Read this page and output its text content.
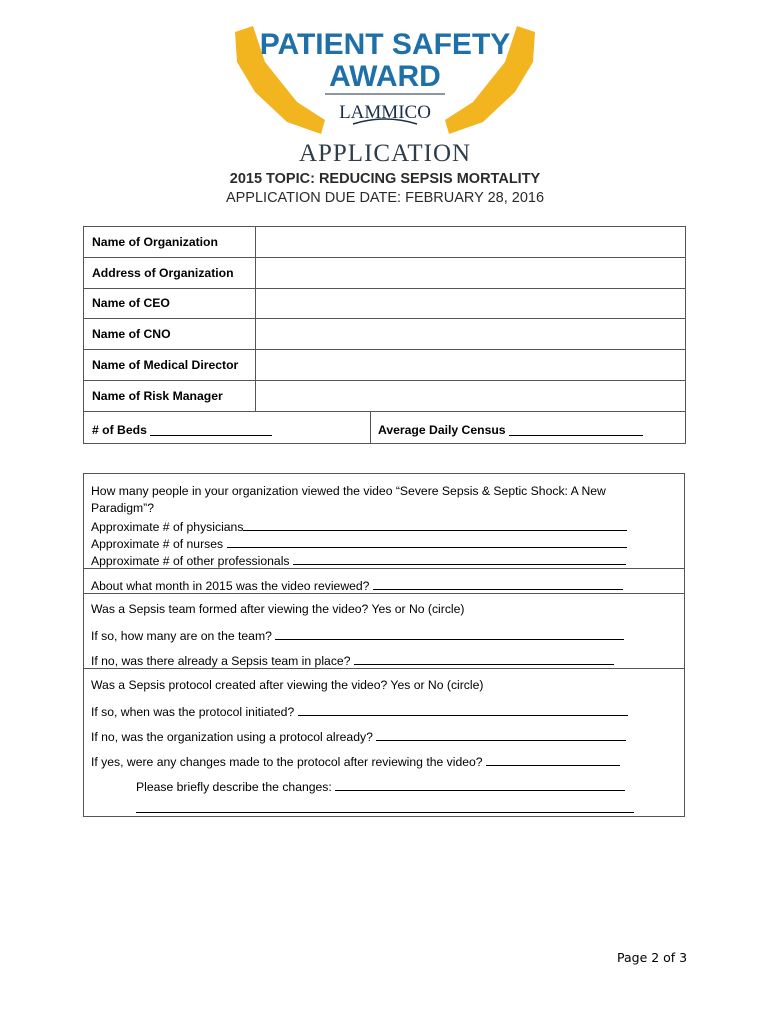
PATIENT SAFETY
AWARD
LAMMICO
APPLICATION
2015 TOPIC: REDUCING SEPSIS MORTALITY
APPLICATION DUE DATE: FEBRUARY 28, 2016
Name of Organization	
Address of Organization	
Name of CEO	
Name of CNO	
Name of Medical Director	
Name of Risk Manager	

# of Beds
Average Daily Census	

How many people in your organization viewed the video “Severe Sepsis & Septic Shock: A New
Paradigm”?
Approximate # of physicians
Approximate # of nurses
Approximate # of other professionals
About what month in 2015 was the video reviewed?
Was a Sepsis team formed after viewing the video? Yes or No (circle)
If so, how many are on the team?
If no, was there already a Sepsis team in place?
Was a Sepsis protocol created after viewing the video? Yes or No (circle)
If so, when was the protocol initiated?
If no, was the organization using a protocol already?
If yes, were any changes made to the protocol after reviewing the video?
Please briefly describe the changes:
Page 2 of 3
